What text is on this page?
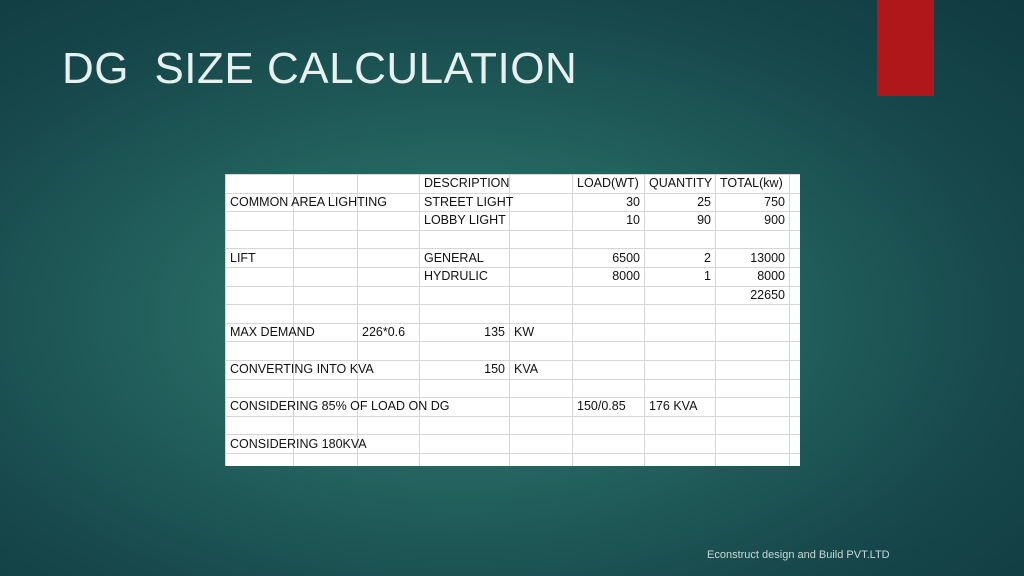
DG  SIZE CALCULATION
			DESCRIPTION		LOAD(WT)	QUANTITY	TOTAL(kw)	
COMMON AREA LIGHTING			STREET LIGHT		30	25	750	
			LOBBY LIGHT		10	90	900	

LIFT			GENERAL		6500	2	13000	
			HYDRULIC		8000	1	8000	
							22650	

MAX DEMAND		226*0.6	135	KW				

CONVERTING INTO KVA			150	KVA				

CONSIDERING 85% OF LOAD ON DG					150/0.85	176 KVA		

CONSIDERING 180KVA								

Econstruct design and Build PVT.LTD
